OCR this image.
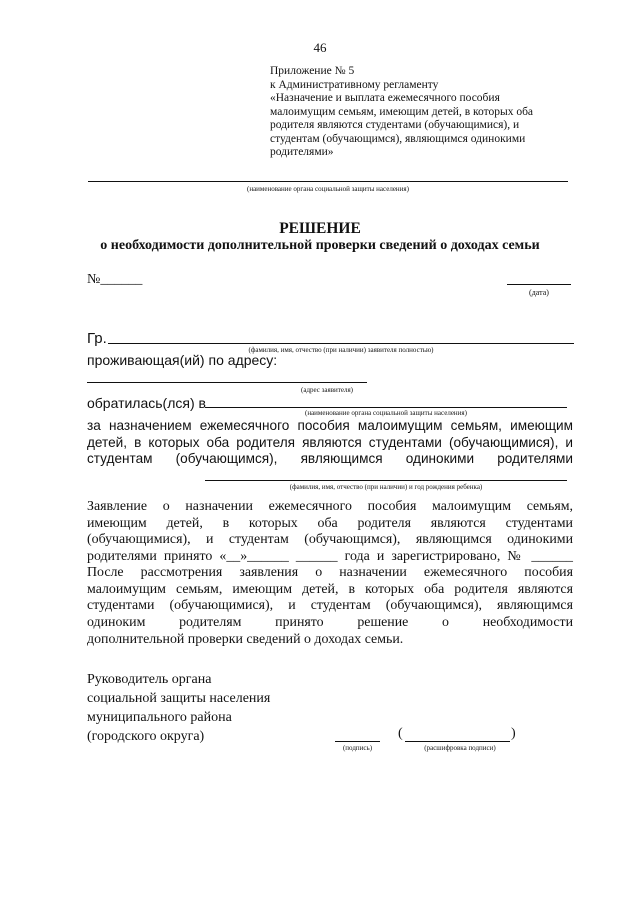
46
Приложение № 5
к Административному регламенту
«Назначение и выплата ежемесячного пособия
малоимущим семьям, имеющим детей, в которых оба
родителя являются студентами (обучающимися), и
студентам (обучающимся), являющимся одинокими
родителями»
(наименование органа социальной защиты населения)
РЕШЕНИЕ
о необходимости дополнительной проверки сведений о доходах семьи
№______
(дата)
Гр.
(фамилия, имя, отчество (при наличии) заявителя полностью)
проживающая(ий) по адресу:
(адрес заявителя)
обратилась(лся) в
(наименование органа социальной защиты населения)
за назначением ежемесячного пособия малоимущим семьям, имеющим
детей, в которых оба родителя являются студентами (обучающимися), и
студентам (обучающимся), являющимся одинокими родителями
(фамилия, имя, отчество (при наличии) и год рождения ребенка)
Заявление о назначении ежемесячного пособия малоимущим семьям,
имеющим детей, в которых оба родителя являются студентами
(обучающимися), и студентам (обучающимся), являющимся одинокими
родителями принято «__»______ ______ года и зарегистрировано, № ______
После рассмотрения заявления о назначении ежемесячного пособия
малоимущим семьям, имеющим детей, в которых оба родителя являются
студентами (обучающимися), и студентам (обучающимся), являющимся
одиноким родителям принято решение о необходимости
дополнительной проверки сведений о доходах семьи.
Руководитель органа
социальной защиты населения
муниципального района
(городского округа)
(подпись)
(	)
(расшифровка подписи)
